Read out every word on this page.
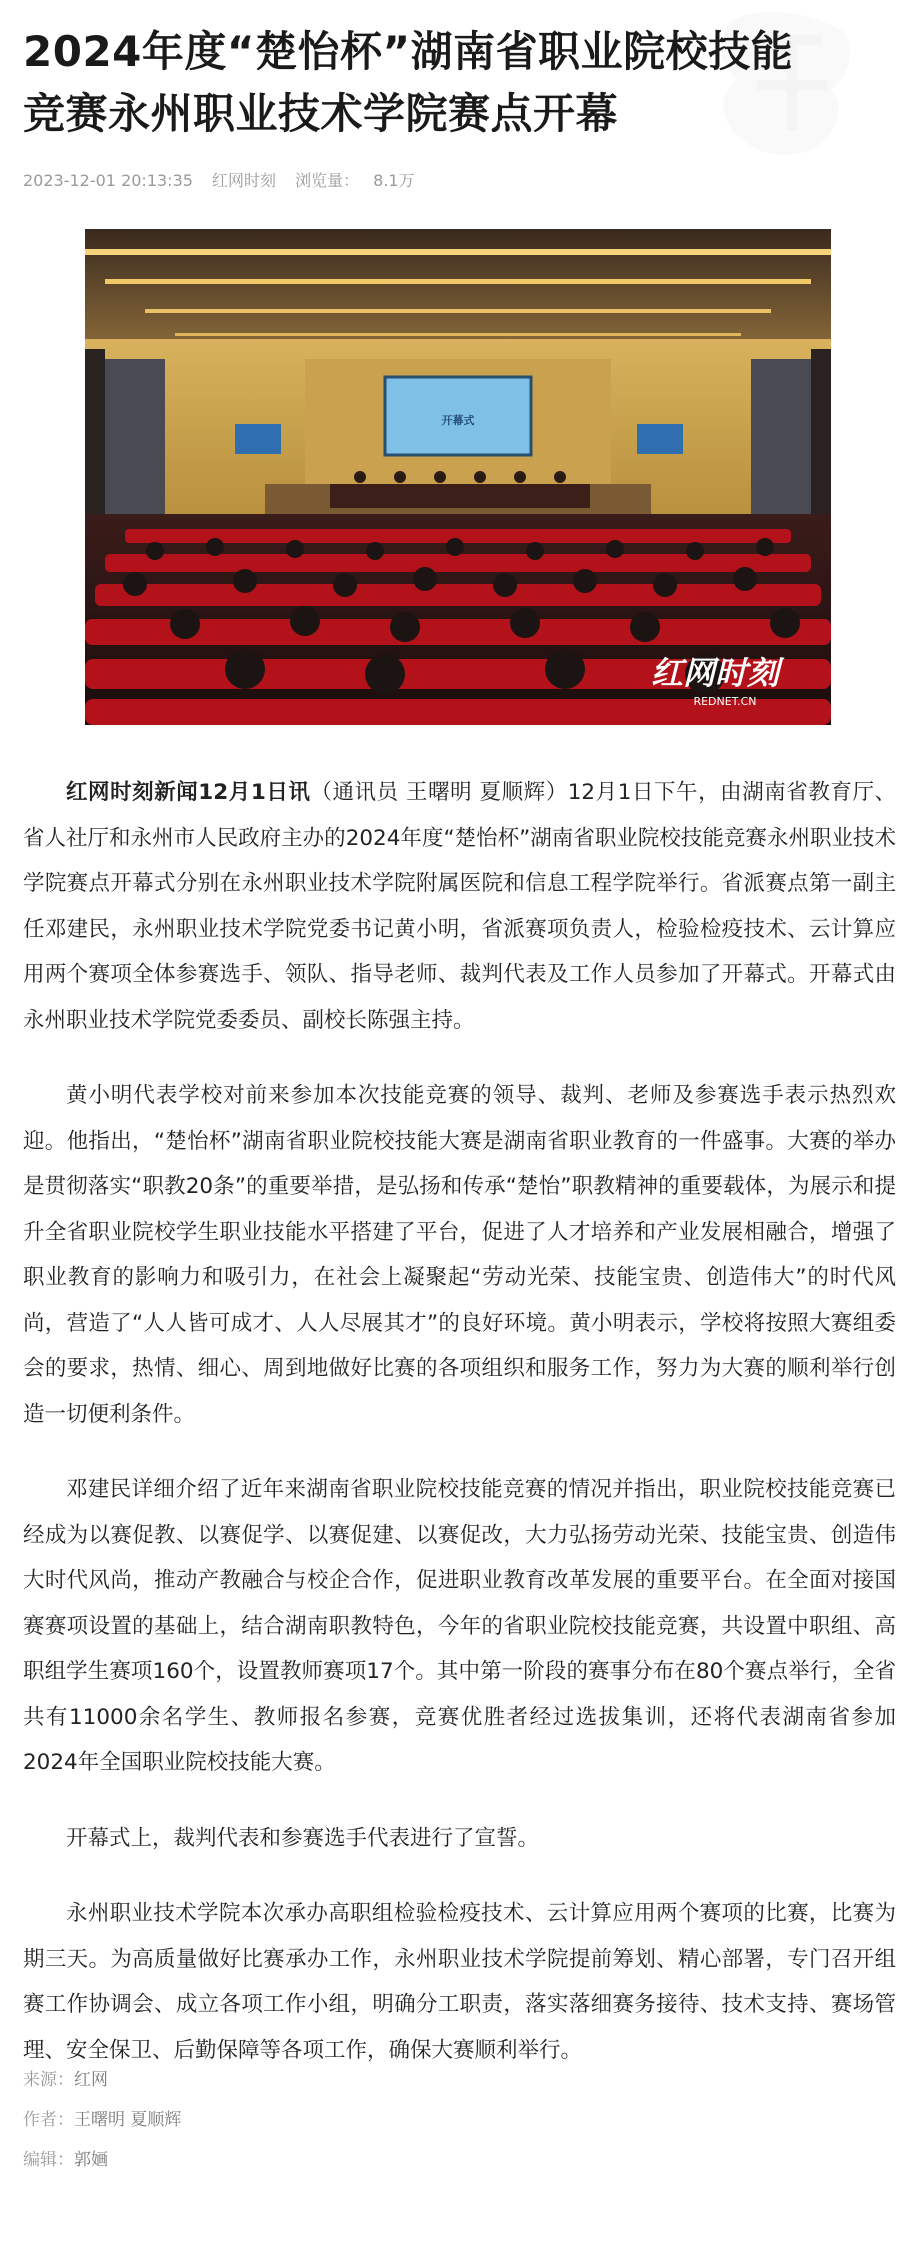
2024年度“楚怡杯”湖南省职业院校技能
竞赛永州职业技术学院赛点开幕
2023-12-01 20:13:35 红网时刻 浏览量： 8.1万
开幕式
红网时刻
REDNET.CN

红网时刻新闻12月1日讯（通讯员 王曙明 夏顺辉）12月1日下午，由湖南省教育厅、省人社厅和永州市人民政府主办的2024年度“楚怡杯”湖南省职业院校技能竞赛永州职业技术学院赛点开幕式分别在永州职业技术学院附属医院和信息工程学院举行。省派赛点第一副主任邓建民，永州职业技术学院党委书记黄小明，省派赛项负责人，检验检疫技术、云计算应用两个赛项全体参赛选手、领队、指导老师、裁判代表及工作人员参加了开幕式。开幕式由永州职业技术学院党委委员、副校长陈强主持。

黄小明代表学校对前来参加本次技能竞赛的领导、裁判、老师及参赛选手表示热烈欢迎。他指出，“楚怡杯”湖南省职业院校技能大赛是湖南省职业教育的一件盛事。大赛的举办是贯彻落实“职教20条”的重要举措，是弘扬和传承“楚怡”职教精神的重要载体，为展示和提升全省职业院校学生职业技能水平搭建了平台，促进了人才培养和产业发展相融合，增强了职业教育的影响力和吸引力，在社会上凝聚起“劳动光荣、技能宝贵、创造伟大”的时代风尚，营造了“人人皆可成才、人人尽展其才”的良好环境。黄小明表示，学校将按照大赛组委会的要求，热情、细心、周到地做好比赛的各项组织和服务工作，努力为大赛的顺利举行创造一切便利条件。

邓建民详细介绍了近年来湖南省职业院校技能竞赛的情况并指出，职业院校技能竞赛已经成为以赛促教、以赛促学、以赛促建、以赛促改，大力弘扬劳动光荣、技能宝贵、创造伟大时代风尚，推动产教融合与校企合作，促进职业教育改革发展的重要平台。在全面对接国赛赛项设置的基础上，结合湖南职教特色，今年的省职业院校技能竞赛，共设置中职组、高职组学生赛项160个，设置教师赛项17个。其中第一阶段的赛事分布在80个赛点举行，全省共有11000余名学生、教师报名参赛，竞赛优胜者经过选拔集训，还将代表湖南省参加2024年全国职业院校技能大赛。

开幕式上，裁判代表和参赛选手代表进行了宣誓。

永州职业技术学院本次承办高职组检验检疫技术、云计算应用两个赛项的比赛，比赛为期三天。为高质量做好比赛承办工作，永州职业技术学院提前筹划、精心部署，专门召开组赛工作协调会、成立各项工作小组，明确分工职责，落实落细赛务接待、技术支持、赛场管理、安全保卫、后勤保障等各项工作，确保大赛顺利举行。

来源：红网
作者：王曙明 夏顺辉
编辑：郭婳
